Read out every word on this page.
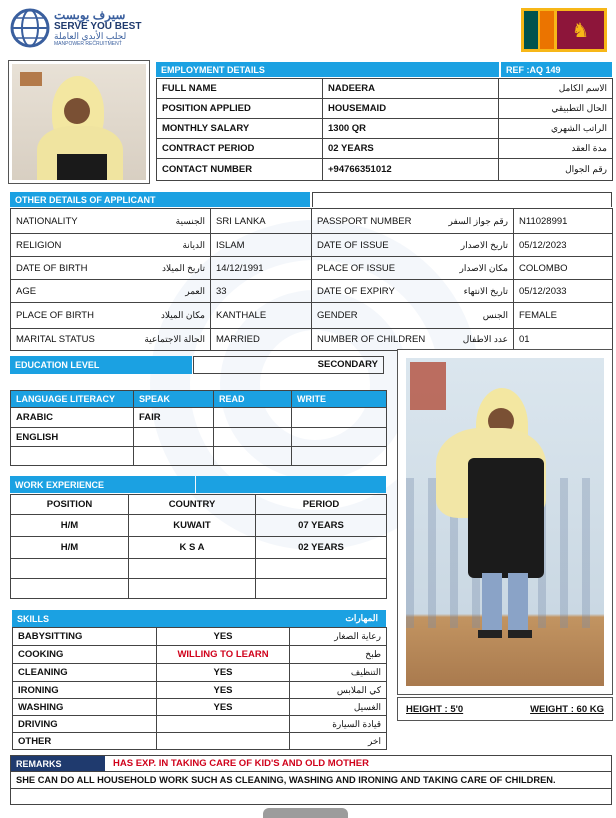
سيرف يوبست
SERVE YOU BEST
لجلب الأيدي العاملة
MANPOWER RECRUITMENT
♞
EMPLOYMENT DETAILS	REF :AQ 149
FULL NAME	NADEERA	الاسم الكامل
POSITION APPLIED	HOUSEMAID	الحال التطبيقي
MONTHLY SALARY	1300 QR	الراتب الشهري
CONTRACT PERIOD	02 YEARS	مدة العقد
CONTACT NUMBER	+94766351012	رقم الجوال
OTHER DETAILS OF APPLICANT
NATIONALITY الجنسية	SRI LANKA	PASSPORT NUMBER رقم جواز السفر	N11028991

RELIGION الديانة	ISLAM	DATE OF ISSUE تاريخ الاصدار	05/12/2023

DATE OF BIRTH تاريخ الميلاد	14/12/1991	PLACE OF ISSUE مكان الاصدار	COLOMBO

AGE العمر	33	DATE OF EXPIRY تاريخ الانتهاء	05/12/2033

PLACE OF BIRTH مكان الميلاد	KANTHALE	GENDER الجنس	FEMALE

MARITAL STATUS الحالة الاجتماعية	MARRIED	NUMBER OF CHILDREN عدد الاطفال	01
EDUCATION LEVEL	SECONDARY
LANGUAGE LITERACY	SPEAK	READ	WRITE
ARABIC	FAIR		
ENGLISH			

WORK EXPERIENCE
POSITION	COUNTRY	PERIOD
H/M	KUWAIT	07 YEARS
H/M	K S A	02 YEARS

SKILLS	المهارات
BABYSITTING	YES	رعاية الصغار
COOKING	WILLING TO LEARN	طبخ
CLEANING	YES	التنظيف
IRONING	YES	كي الملابس
WASHING	YES	الغسيل
DRIVING		قيادة السيارة
OTHER		اخر
HEIGHT : 5'0	WEIGHT : 60 KG
REMARKS	HAS EXP. IN TAKING CARE OF KID'S AND OLD MOTHER
SHE CAN DO ALL HOUSEHOLD WORK SUCH AS CLEANING, WASHING AND IRONING AND TAKING CARE OF CHILDREN.
